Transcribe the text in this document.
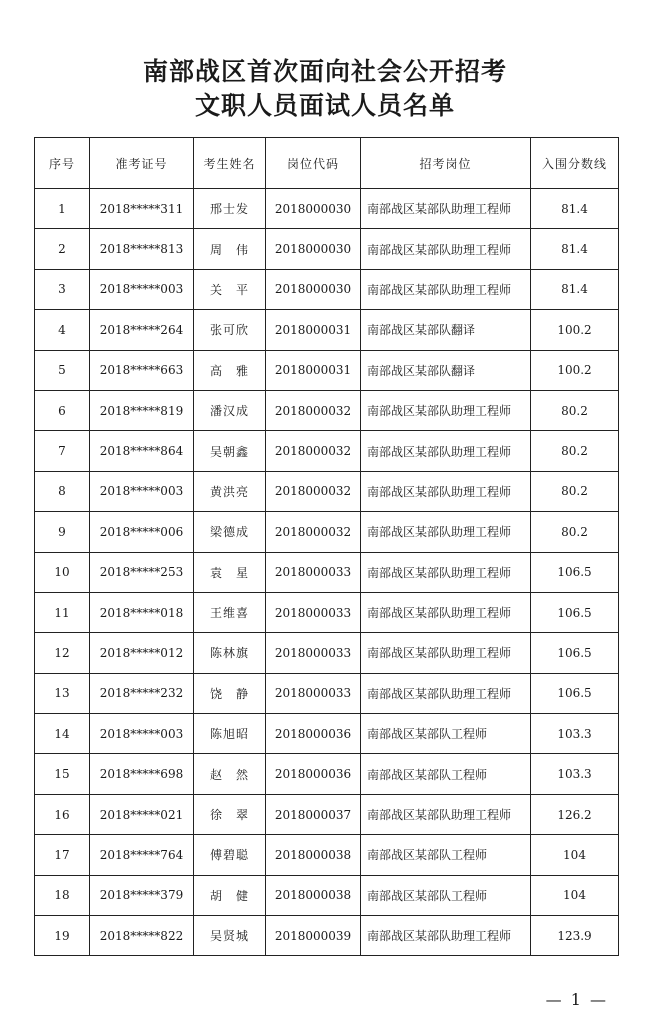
南部战区首次面向社会公开招考
文职人员面试人员名单
序号	准考证号	考生姓名	岗位代码	招考岗位	入围分数线
1	2018*****311	邢士发	2018000030	南部战区某部队助理工程师	81.4
2	2018*****813	周　伟	2018000030	南部战区某部队助理工程师	81.4
3	2018*****003	关　平	2018000030	南部战区某部队助理工程师	81.4
4	2018*****264	张可欣	2018000031	南部战区某部队翻译	100.2
5	2018*****663	高　雅	2018000031	南部战区某部队翻译	100.2
6	2018*****819	潘汉成	2018000032	南部战区某部队助理工程师	80.2
7	2018*****864	吴朝鑫	2018000032	南部战区某部队助理工程师	80.2
8	2018*****003	黄洪亮	2018000032	南部战区某部队助理工程师	80.2
9	2018*****006	梁德成	2018000032	南部战区某部队助理工程师	80.2
10	2018*****253	袁　星	2018000033	南部战区某部队助理工程师	106.5
11	2018*****018	王维喜	2018000033	南部战区某部队助理工程师	106.5
12	2018*****012	陈林旗	2018000033	南部战区某部队助理工程师	106.5
13	2018*****232	饶　静	2018000033	南部战区某部队助理工程师	106.5
14	2018*****003	陈旭昭	2018000036	南部战区某部队工程师	103.3
15	2018*****698	赵　然	2018000036	南部战区某部队工程师	103.3
16	2018*****021	徐　翠	2018000037	南部战区某部队助理工程师	126.2
17	2018*****764	傅碧聪	2018000038	南部战区某部队工程师	104
18	2018*****379	胡　健	2018000038	南部战区某部队工程师	104
19	2018*****822	吴贤城	2018000039	南部战区某部队助理工程师	123.9
— 1 —
